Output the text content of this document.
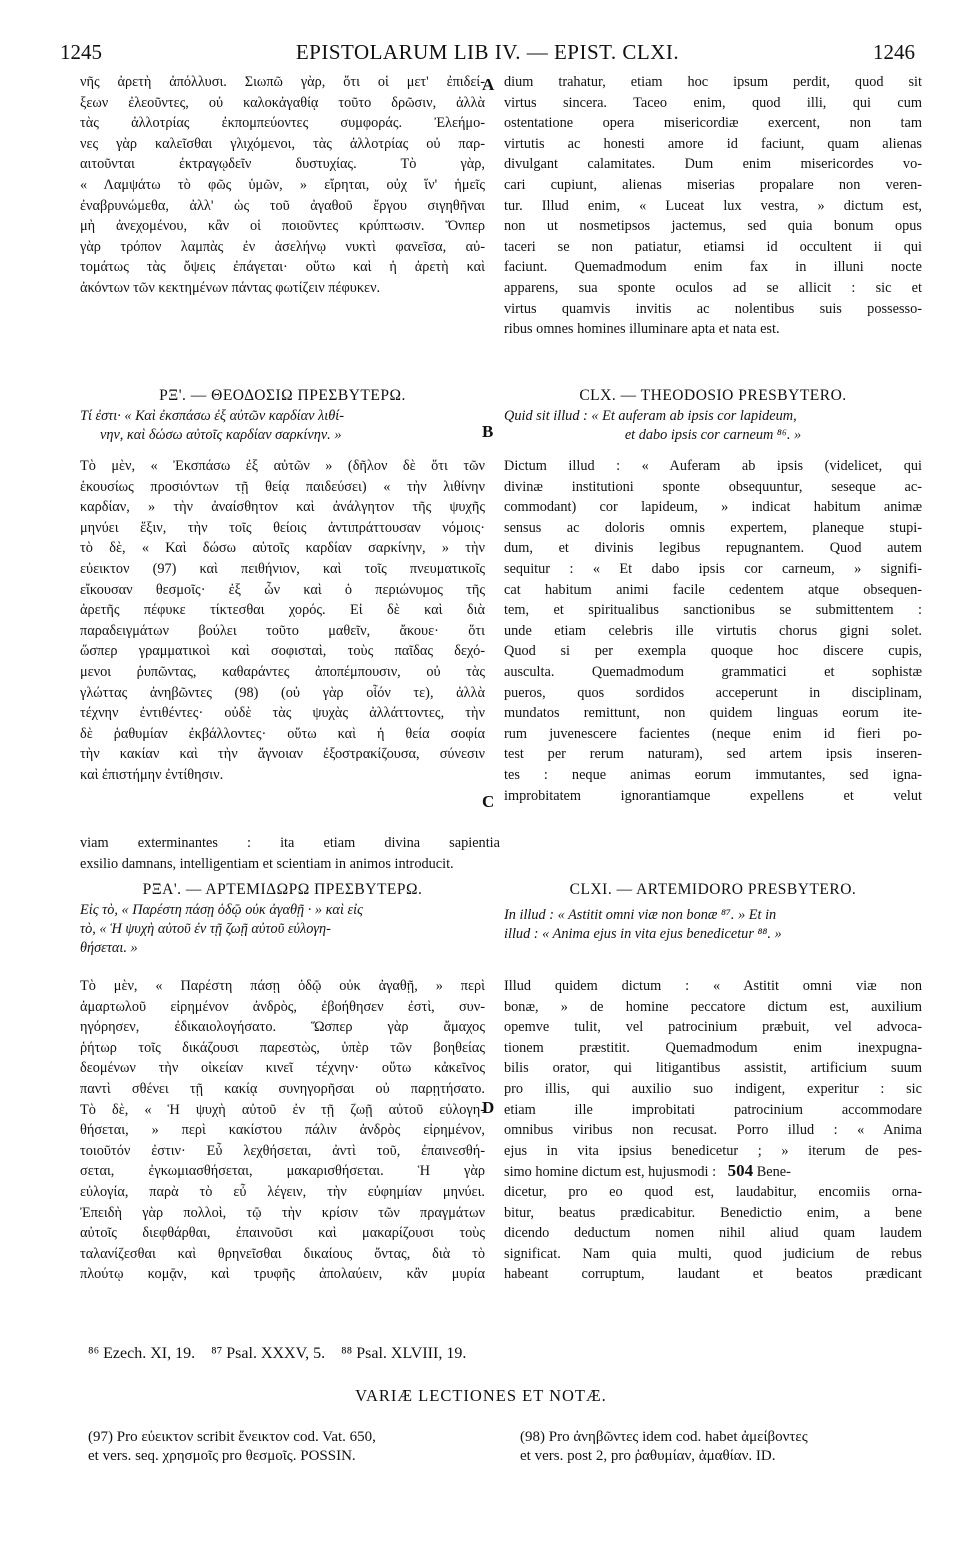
1245	EPISTOLARUM LIB IV. — EPIST. CLXI.	1246
A
B
C
D
νῆς ἀρετὴ ἀπόλλυσι. Σιωπῶ γὰρ, ὅτι οἱ μετ' ἐπιδεί-
ξεων ἐλεοῦντες, οὐ καλοκἀγαθίᾳ τοῦτο δρῶσιν, ἀλλὰ
τὰς ἀλλοτρίας ἐκπομπεύοντες συμφοράς. Ἐλεήμο-
νες γὰρ καλεῖσθαι γλιχόμενοι, τὰς ἀλλοτρίας οὐ παρ-
αιτοῦνται ἐκτραγῳδεῖν δυστυχίας. Τὸ γὰρ,
« Λαμψάτω τὸ φῶς ὑμῶν, » εἴρηται, οὐχ ἵν' ἡμεῖς
ἐναβρυνώμεθα, ἀλλ' ὡς τοῦ ἀγαθοῦ ἔργου σιγηθῆναι
μὴ ἀνεχομένου, κἂν οἱ ποιοῦντες κρύπτωσιν. Ὅνπερ
γὰρ τρόπον λαμπὰς ἐν ἀσελήνῳ νυκτὶ φανεῖσα, αὐ-
τομάτως τὰς ὄψεις ἐπάγεται· οὕτω καὶ ἡ ἀρετὴ καὶ
ἀκόντων τῶν κεκτημένων πάντας φωτίζειν πέφυκεν.
dium trahatur, etiam hoc ipsum perdit, quod sit
virtus sincera. Taceo enim, quod illi, qui cum
ostentatione opera misericordiæ exercent, non tam
virtutis ac honesti amore id faciunt, quam alienas
divulgant calamitates. Dum enim misericordes vo-
cari cupiunt, alienas miserias propalare non veren-
tur. Illud enim, « Luceat lux vestra, » dictum est,
non ut nosmetipsos jactemus, sed quia bonum opus
taceri se non patiatur, etiamsi id occultent ii qui
faciunt. Quemadmodum enim fax in illuni nocte
apparens, sua sponte oculos ad se allicit : sic et
virtus quamvis invitis ac nolentibus suis possesso-
ribus omnes homines illuminare apta et nata est.
ΡΞ'. — ΘΕΟΔΟΣΙΩ ΠΡΕΣΒΥΤΕΡΩ.	CLX. — THEODOSIO PRESBYTERO.
Τί ἐστι· « Καὶ ἐκσπάσω ἐξ αὐτῶν καρδίαν λιθί-
νην, καὶ δώσω αὐτοῖς καρδίαν σαρκίνην. »
Quid sit illud : « Et auferam ab ipsis cor lapideum,
et dabo ipsis cor carneum ⁸⁶. »
Τὸ μὲν, « Ἐκσπάσω ἐξ αὐτῶν » (δῆλον δὲ ὅτι τῶν
ἑκουσίως προσιόντων τῇ θείᾳ παιδεύσει) « τὴν λιθίνην
καρδίαν, » τὴν ἀναίσθητον καὶ ἀνάλγητον τῆς ψυχῆς
μηνύει ἕξιν, τὴν τοῖς θείοις ἀντιπράττουσαν νόμοις·
τὸ δὲ, « Καὶ δώσω αὐτοῖς καρδίαν σαρκίνην, » τὴν
εὐεικτον (97) καὶ πειθήνιον, καὶ τοῖς πνευματικοῖς
εἴκουσαν θεσμοῖς· ἐξ ὧν καὶ ὁ περιώνυμος τῆς
ἀρετῆς πέφυκε τίκτεσθαι χορός. Εἰ δὲ καὶ διὰ
παραδειγμάτων βούλει τοῦτο μαθεῖν, ἄκουε· ὅτι
ὥσπερ γραμματικοὶ καὶ σοφισταὶ, τοὺς παῖδας δεχό-
μενοι ῥυπῶντας, καθαράντες ἀποπέμπουσιν, οὐ τὰς
γλώττας ἀνηβῶντες (98) (οὐ γὰρ οἷόν τε), ἀλλὰ
τέχνην ἐντιθέντες· οὐδὲ τὰς ψυχὰς ἀλλάττοντες, τὴν
δὲ ῥαθυμίαν ἐκβάλλοντες· οὕτω καὶ ἡ θεία σοφία
τὴν κακίαν καὶ τὴν ἄγνοιαν ἐξοστρακίζουσα, σύνεσιν
καὶ ἐπιστήμην ἐντίθησιν.
Dictum illud : « Auferam ab ipsis (videlicet, qui
divinæ institutioni sponte obsequuntur, seseque ac-
commodant) cor lapideum, » indicat habitum animæ
sensus ac doloris omnis expertem, planeque stupi-
dum, et divinis legibus repugnantem. Quod autem
sequitur : « Et dabo ipsis cor carneum, » signifi-
cat habitum animi facile cedentem atque obsequen-
tem, et spiritualibus sanctionibus se submittentem :
unde etiam celebris ille virtutis chorus gigni solet.
Quod si per exempla quoque hoc discere cupis,
ausculta. Quemadmodum grammatici et sophistæ
pueros, quos sordidos acceperunt in disciplinam,
mundatos remittunt, non quidem linguas eorum ite-
rum juvenescere facientes (neque enim id fieri po-
test per rerum naturam), sed artem ipsis inseren-
tes : neque animas eorum immutantes, sed igna-
improbitatem ignorantiamque expellens et velut
viam exterminantes : ita etiam divina sapientia
exsilio damnans, intelligentiam et scientiam in animos introducit.
ΡΞΑ'. — ΑΡΤΕΜΙΔΩΡΩ ΠΡΕΣΒΥΤΕΡΩ.	CLXI. — ARTEMIDORO PRESBYTERO.
Εἰς τὸ, « Παρέστη πάσῃ ὁδῷ οὐκ ἀγαθῇ · » καὶ εἰς
τὸ, « Ἡ ψυχὴ αὐτοῦ ἐν τῇ ζωῇ αὐτοῦ εὐλογη-
θήσεται. »
In illud : « Astitit omni viæ non bonæ ⁸⁷. » Et in
illud : « Anima ejus in vita ejus benedicetur ⁸⁸. »
Τὸ μὲν, « Παρέστη πάσῃ ὁδῷ οὐκ ἀγαθῇ, » περὶ
ἁμαρτωλοῦ εἰρημένον ἀνδρὸς, ἐβοήθησεν ἐστὶ, συν-
ηγόρησεν, ἐδικαιολογήσατο. Ὥσπερ γὰρ ἄμαχος
ῥήτωρ τοῖς δικάζουσι παρεστὼς, ὑπὲρ τῶν βοηθείας
δεομένων τὴν οἰκείαν κινεῖ τέχνην· οὕτω κἀκεῖνος
παντὶ σθένει τῇ κακίᾳ συνηγορῆσαι οὐ παρῃτήσατο.
Τὸ δὲ, « Ἡ ψυχὴ αὐτοῦ ἐν τῇ ζωῇ αὐτοῦ εὐλογη-
θήσεται, » περὶ κακίστου πάλιν ἀνδρὸς εἰρημένον,
τοιοῦτόν ἐστιν· Εὖ λεχθήσεται, ἀντὶ τοῦ, ἐπαινεσθή-
σεται, ἐγκωμιασθήσεται, μακαρισθήσεται. Ἡ γὰρ
εὐλογία, παρὰ τὸ εὖ λέγειν, τὴν εὐφημίαν μηνύει.
Ἐπειδὴ γὰρ πολλοὶ, τῷ τὴν κρίσιν τῶν πραγμάτων
αὐτοῖς διεφθάρθαι, ἐπαινοῦσι καὶ μακαρίζουσι τοὺς
ταλανίζεσθαι καὶ θρηνεῖσθαι δικαίους ὄντας, διὰ τὸ
πλούτῳ κομᾷν, καὶ τρυφῆς ἀπολαύειν, κἂν μυρία
Illud quidem dictum : « Astitit omni viæ non
bonæ, » de homine peccatore dictum est, auxilium
opemve tulit, vel patrocinium præbuit, vel advoca-
tionem præstitit. Quemadmodum enim inexpugna-
bilis orator, qui litigantibus assistit, artificium suum
pro illis, qui auxilio suo indigent, experitur : sic
etiam ille improbitati patrocinium accommodare
omnibus viribus non recusat. Porro illud : « Anima
ejus in vita ipsius benedicetur ; » iterum de pes-
simo homine dictum est, hujusmodi : 504 Bene-
dicetur, pro eo quod est, laudabitur, encomiis orna-
bitur, beatus prædicabitur. Benedictio enim, a bene
dicendo deductum nomen nihil aliud quam laudem
significat. Nam quia multi, quod judicium de rebus
habeant corruptum, laudant et beatos prædicant
⁸⁶ Ezech. XI, 19.    ⁸⁷ Psal. XXXV, 5.    ⁸⁸ Psal. XLVIII, 19.
VARIÆ LECTIONES ET NOTÆ.
(97) Pro εὐεικτον scribit ἔνεικτον cod. Vat. 650,
et vers. seq. χρησμοῖς pro θεσμοῖς. POSSIN.
(98) Pro ἀνηβῶντες idem cod. habet ἀμείβοντες
et vers. post 2, pro ῥαθυμίαν, ἀμαθίαν. ID.
